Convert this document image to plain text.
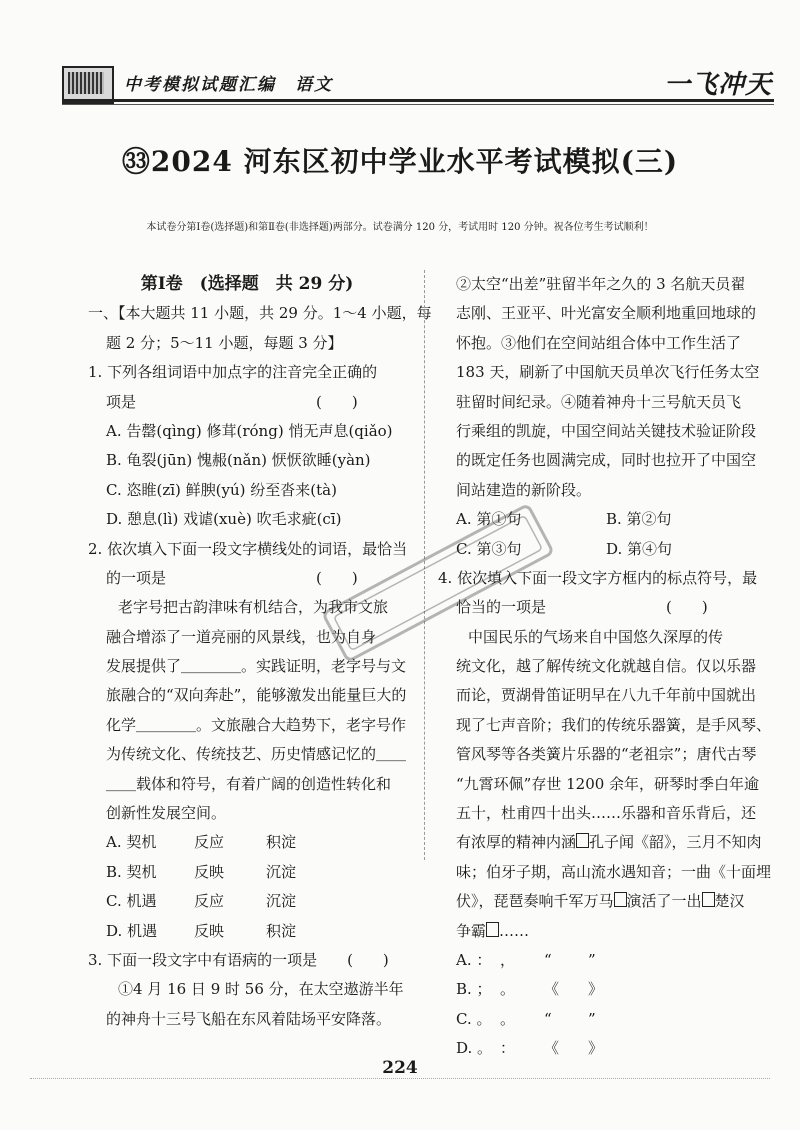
中考模拟试题汇编　语文	一飞冲天
㉝2024 河东区初中学业水平考试模拟(三)
本试卷分第Ⅰ卷(选择题)和第Ⅱ卷(非选择题)两部分。试卷满分 120 分，考试用时 120 分钟。祝各位考生考试顺利！
第Ⅰ卷　(选择题　共 29 分)
一、【本大题共 11 小题，共 29 分。1～4 小题，每
题 2 分；5～11 小题，每题 3 分】
1. 下列各组词语中加点字的注音完全正确的
项是　　　　　　　　　　　　(　　)
A. 告罄(qìng) 修茸(róng) 悄无声息(qiǎo)
B. 龟裂(jūn) 愧赧(nǎn) 恹恹欲睡(yàn)
C. 恣睢(zī) 鲜腴(yú) 纷至沓来(tà)
D. 憩息(lì) 戏谑(xuè) 吹毛求疵(cī)
2. 依次填入下面一段文字横线处的词语，最恰当
的一项是　　　　　　　　　　(　　)
老字号把古韵津味有机结合，为我市文旅
融合增添了一道亮丽的风景线，也为自身
发展提供了＿＿＿＿。实践证明，老字号与文
旅融合的“双向奔赴”，能够激发出能量巨大的
化学＿＿＿＿。文旅融合大趋势下，老字号作
为传统文化、传统技艺、历史情感记忆的＿＿
＿＿载体和符号，有着广阔的创造性转化和
创新性发展空间。
A. 契机	反应	积淀
B. 契机	反映	沉淀
C. 机遇	反应	沉淀
D. 机遇	反映	积淀
3. 下面一段文字中有语病的一项是　　(　　)
①4 月 16 日 9 时 56 分，在太空遨游半年
的神舟十三号飞船在东风着陆场平安降落。
②太空“出差”驻留半年之久的 3 名航天员翟
志刚、王亚平、叶光富安全顺利地重回地球的
怀抱。③他们在空间站组合体中工作生活了
183 天，刷新了中国航天员单次飞行任务太空
驻留时间纪录。④随着神舟十三号航天员飞
行乘组的凯旋，中国空间站关键技术验证阶段
的既定任务也圆满完成，同时也拉开了中国空
间站建造的新阶段。
A. 第①句	B. 第②句
C. 第③句	D. 第④句
4. 依次填入下面一段文字方框内的标点符号，最
恰当的一项是　　　　　　　　(　　)
中国民乐的气场来自中国悠久深厚的传
统文化，越了解传统文化就越自信。仅以乐器
而论，贾湖骨笛证明早在八九千年前中国就出
现了七声音阶；我们的传统乐器簧，是手风琴、
管风琴等各类簧片乐器的“老祖宗”；唐代古琴
“九霄环佩”存世 1200 余年，研琴时季白年逾
五十，杜甫四十出头……乐器和音乐背后，还
有浓厚的精神内涵 孔子闻《韶》，三月不知肉
味；伯牙子期，高山流水遇知音；一曲《十面埋
伏》，琵琶奏响千军万马 演活了一出 楚汉
争霸 ……
A. ： ，	“	”
B. ； 。	《	》
C. 。 。	“	”
D. 。 ：	《	》
224
